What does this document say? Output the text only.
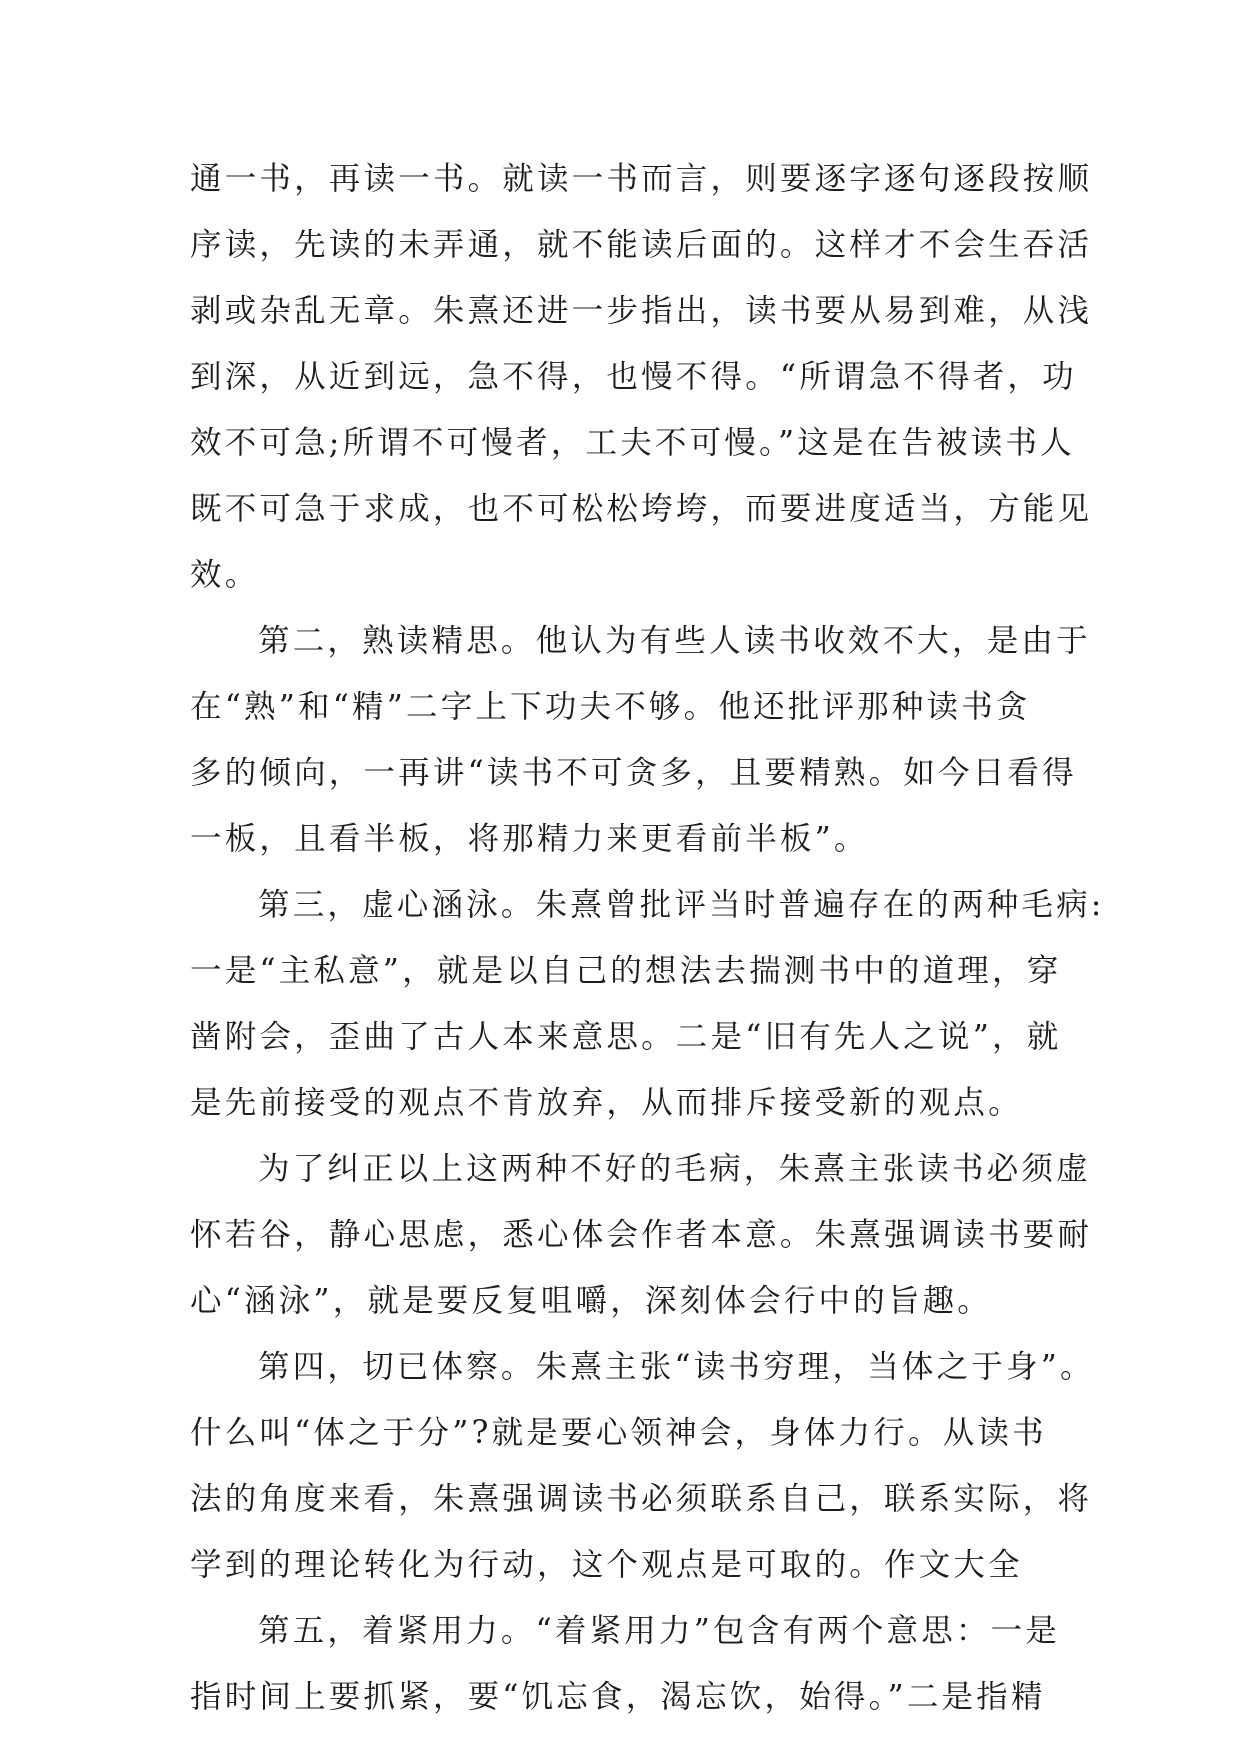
通一书，再读一书。就读一书而言，则要逐字逐句逐段按顺
序读，先读的未弄通，就不能读后面的。这样才不会生吞活
剥或杂乱无章。朱熹还进一步指出，读书要从易到难，从浅
到深，从近到远，急不得，也慢不得。“所谓急不得者，功
效不可急;所谓不可慢者，工夫不可慢。”这是在告被读书人
既不可急于求成，也不可松松垮垮，而要进度适当，方能见
效。
第二，熟读精思。他认为有些人读书收效不大，是由于
在“熟”和“精”二字上下功夫不够。他还批评那种读书贪
多的倾向，一再讲“读书不可贪多，且要精熟。如今日看得
一板，且看半板，将那精力来更看前半板”。
第三，虚心涵泳。朱熹曾批评当时普遍存在的两种毛病:
一是“主私意”，就是以自己的想法去揣测书中的道理，穿
凿附会，歪曲了古人本来意思。二是“旧有先人之说”，就
是先前接受的观点不肯放弃，从而排斥接受新的观点。
为了纠正以上这两种不好的毛病，朱熹主张读书必须虚
怀若谷，静心思虑，悉心体会作者本意。朱熹强调读书要耐
心“涵泳”，就是要反复咀嚼，深刻体会行中的旨趣。
第四，切已体察。朱熹主张“读书穷理，当体之于身”。
什么叫“体之于分”?就是要心领神会，身体力行。从读书
法的角度来看，朱熹强调读书必须联系自己，联系实际，将
学到的理论转化为行动，这个观点是可取的。作文大全
第五，着紧用力。“着紧用力”包含有两个意思：一是
指时间上要抓紧，要“饥忘食，渴忘饮，始得。”二是指精
